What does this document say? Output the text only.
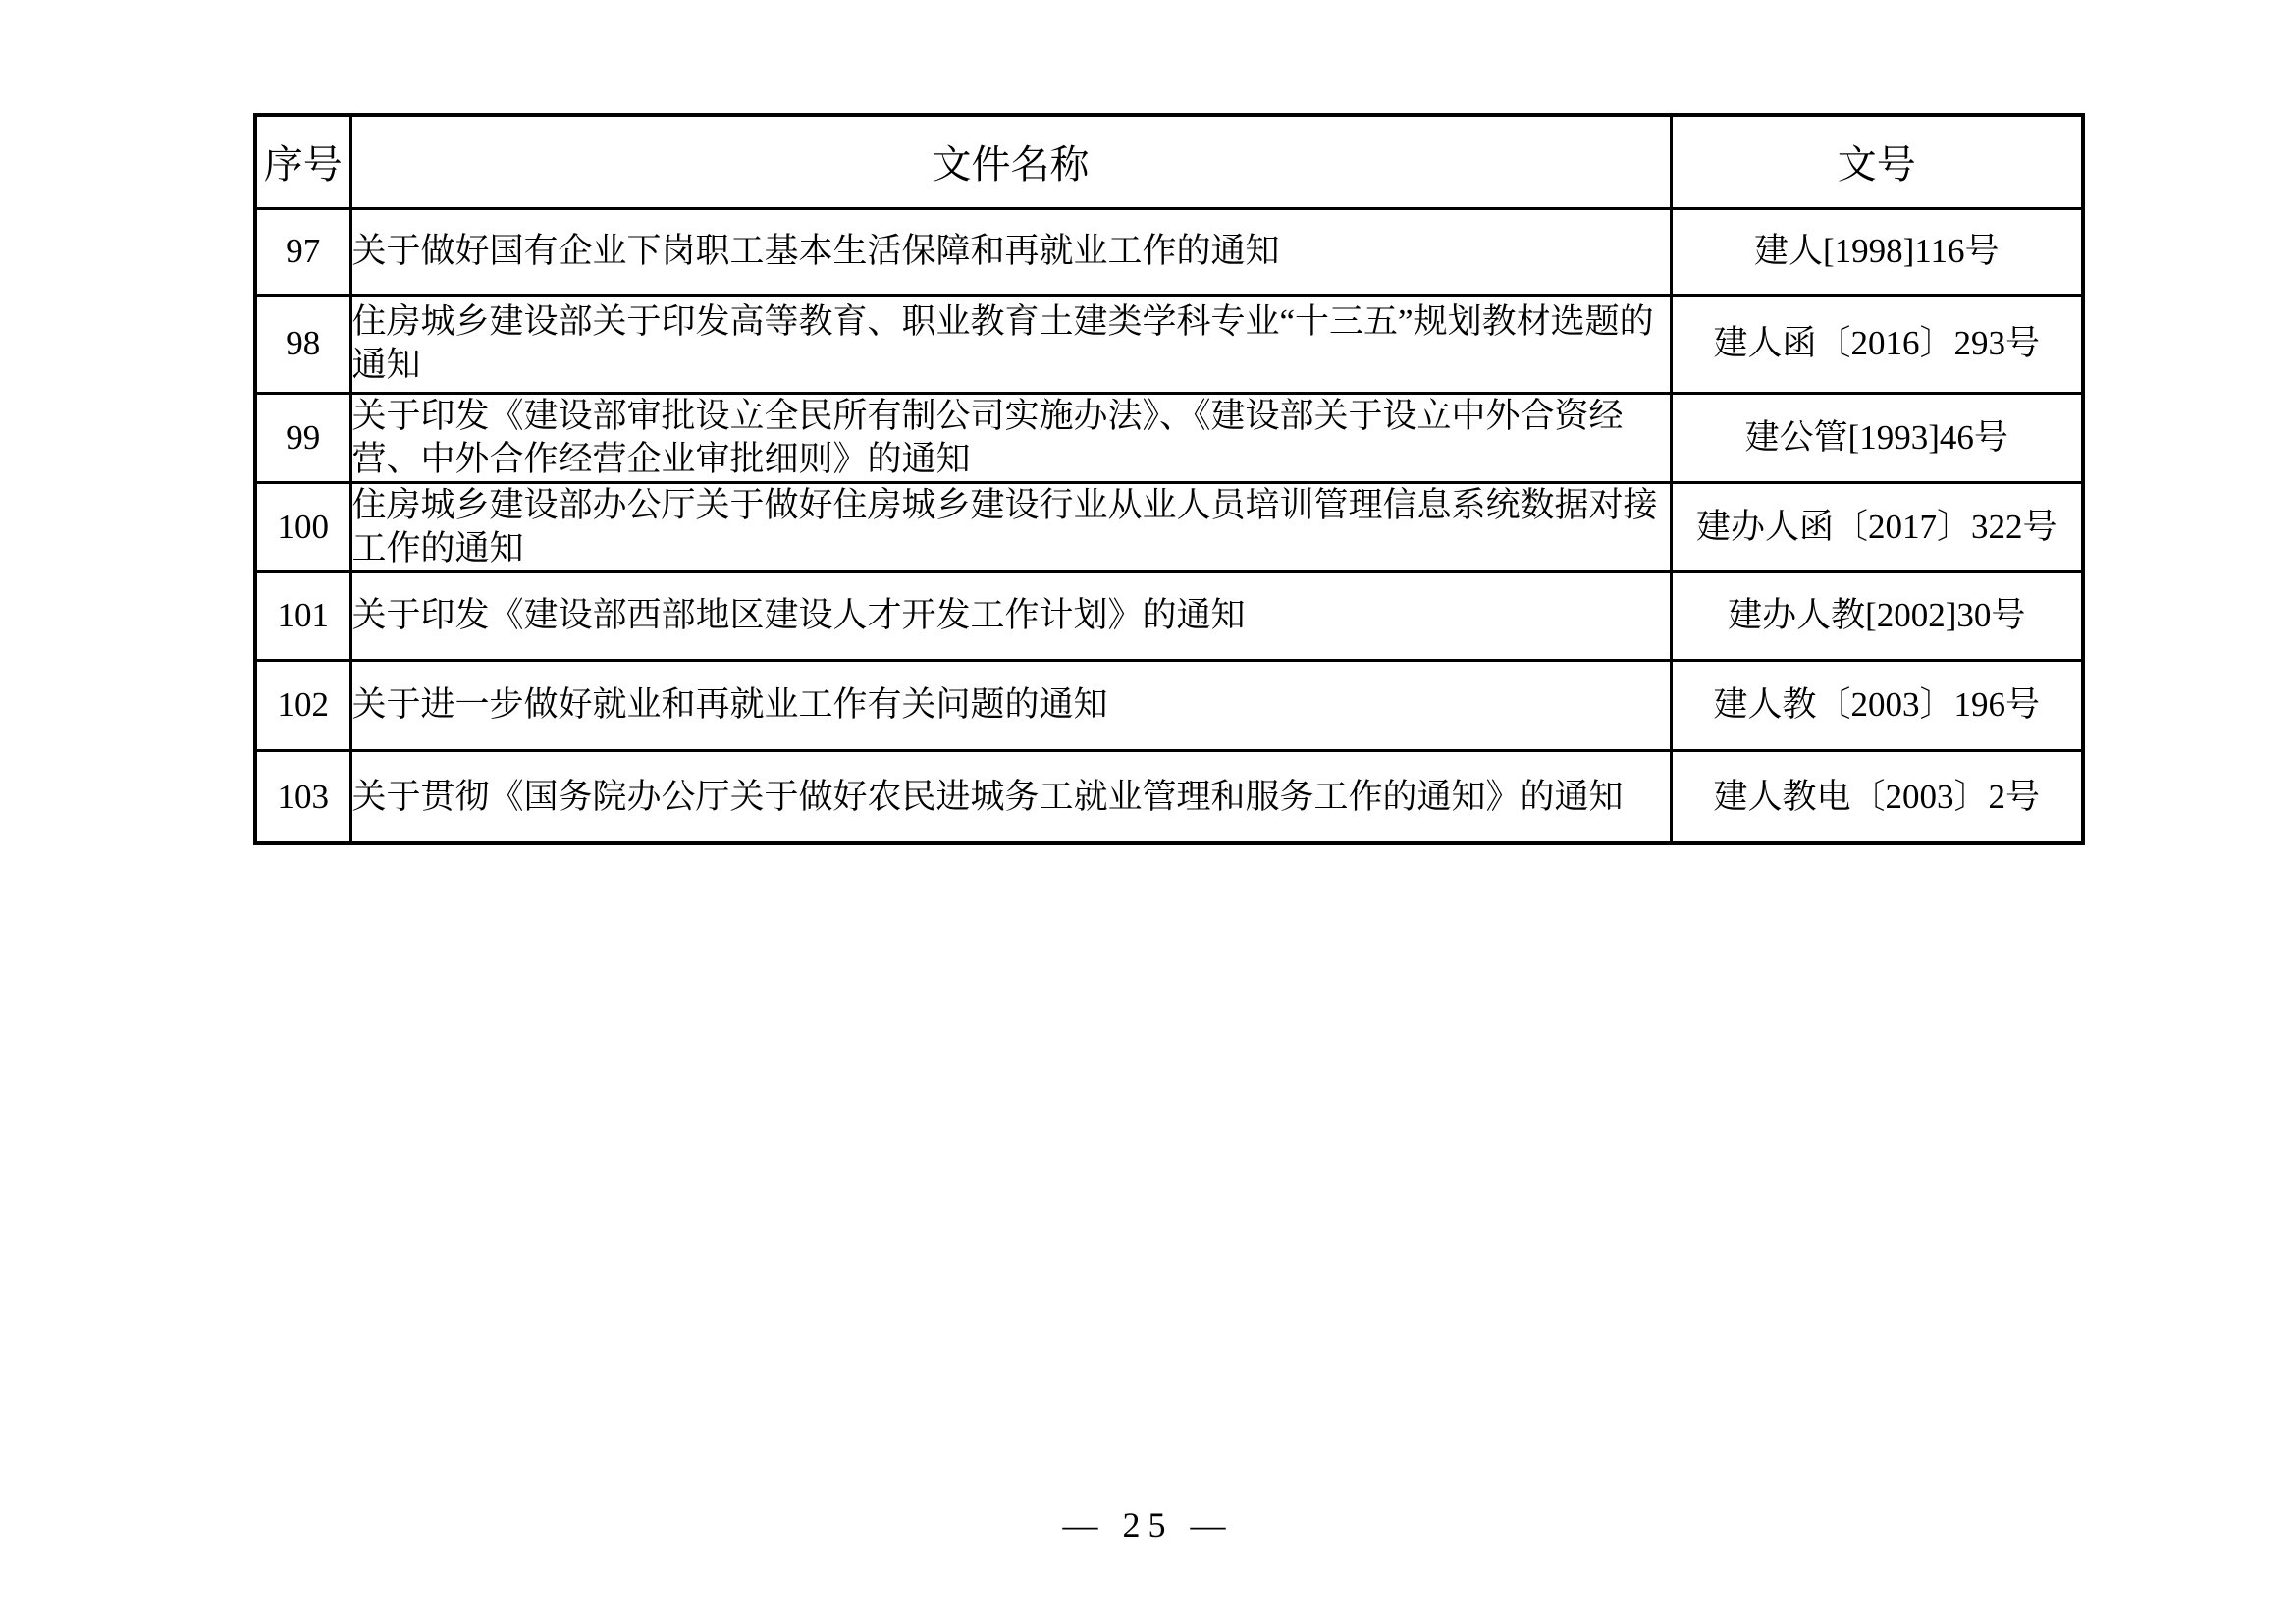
序号	文件名称	文号
97	关于做好国有企业下岗职工基本生活保障和再就业工作的通知	建人[1998]116号
98	住房城乡建设部关于印发高等教育、职业教育土建类学科专业“十三五”规划教材选题的通知	建人函〔2016〕293号
99	关于印发《建设部审批设立全民所有制公司实施办法》、《建设部关于设立中外合资经营、中外合作经营企业审批细则》的通知	建公管[1993]46号
100	住房城乡建设部办公厅关于做好住房城乡建设行业从业人员培训管理信息系统数据对接工作的通知	建办人函〔2017〕322号
101	关于印发《建设部西部地区建设人才开发工作计划》的通知	建办人教[2002]30号
102	关于进一步做好就业和再就业工作有关问题的通知	建人教〔2003〕196号
103	关于贯彻《国务院办公厅关于做好农民进城务工就业管理和服务工作的通知》的通知	建人教电〔2003〕2号
— 25 —
